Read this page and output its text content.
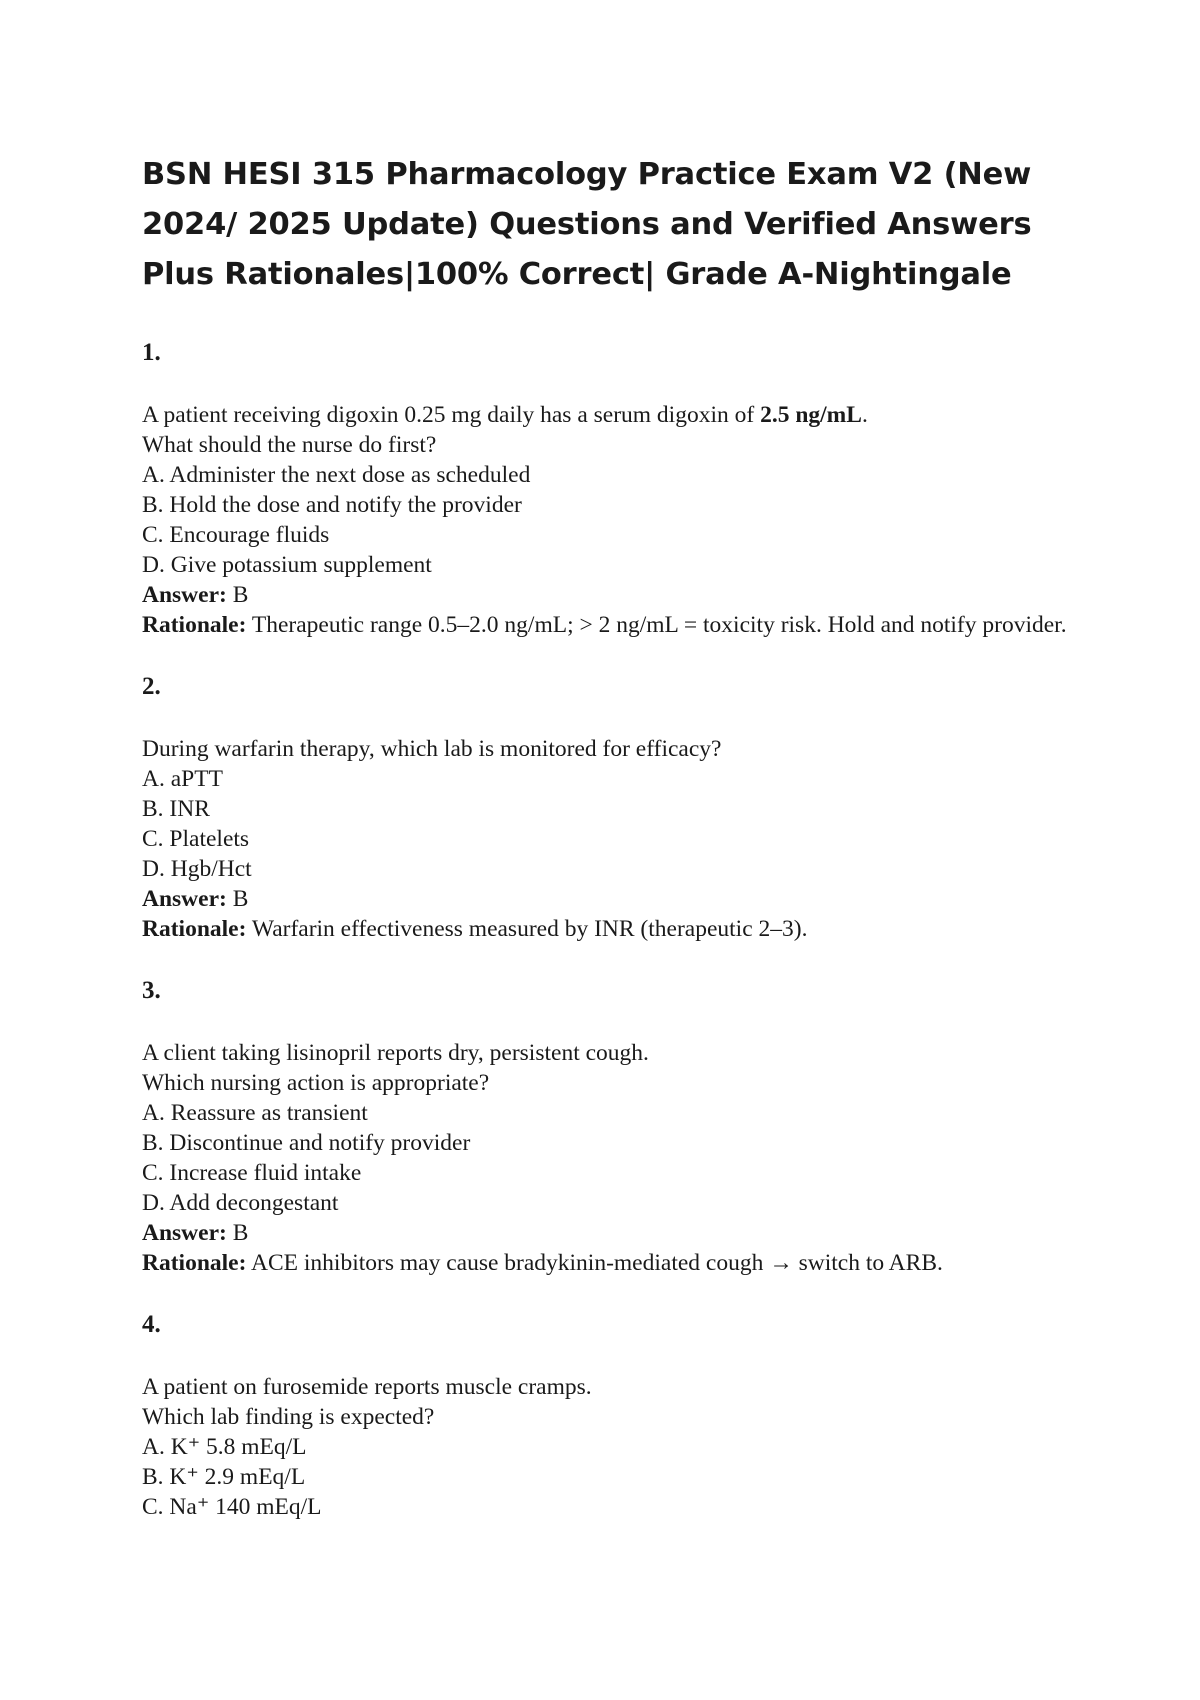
BSN HESI 315 Pharmacology Practice Exam V2 (New 2024/ 2025 Update) Questions and Verified Answers Plus Rationales|100% Correct| Grade A-Nightingale
1.
A patient receiving digoxin 0.25 mg daily has a serum digoxin of 2.5 ng/mL.
What should the nurse do first?
A. Administer the next dose as scheduled
B. Hold the dose and notify the provider
C. Encourage fluids
D. Give potassium supplement
Answer: B
Rationale: Therapeutic range 0.5–2.0 ng/mL; > 2 ng/mL = toxicity risk. Hold and notify provider.
2.
During warfarin therapy, which lab is monitored for efficacy?
A. aPTT
B. INR
C. Platelets
D. Hgb/Hct
Answer: B
Rationale: Warfarin effectiveness measured by INR (therapeutic 2–3).
3.
A client taking lisinopril reports dry, persistent cough.
Which nursing action is appropriate?
A. Reassure as transient
B. Discontinue and notify provider
C. Increase fluid intake
D. Add decongestant
Answer: B
Rationale: ACE inhibitors may cause bradykinin-mediated cough → switch to ARB.
4.
A patient on furosemide reports muscle cramps.
Which lab finding is expected?
A. K⁺ 5.8 mEq/L
B. K⁺ 2.9 mEq/L
C. Na⁺ 140 mEq/L
